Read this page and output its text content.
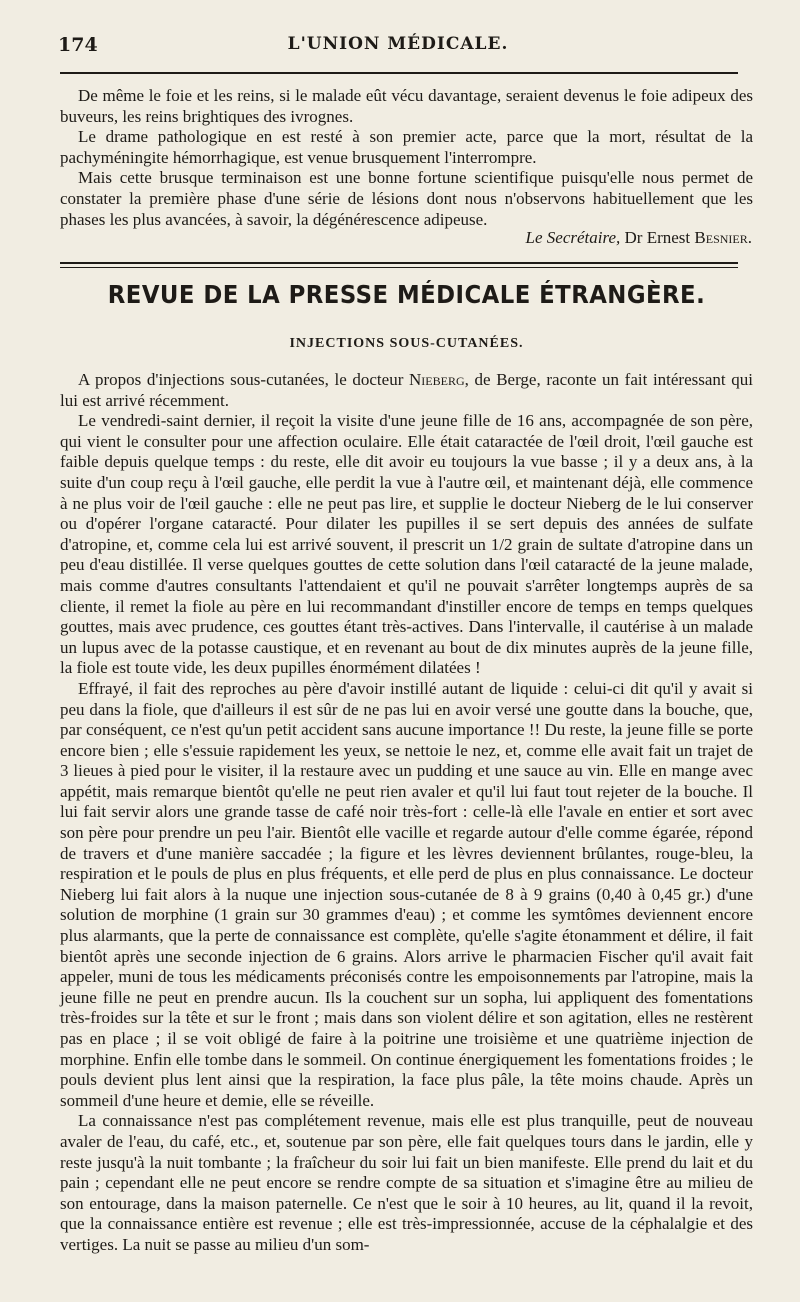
174	L'UNION MÉDICALE.

De même le foie et les reins, si le malade eût vécu davantage, seraient devenus le foie adipeux des buveurs, les reins brightiques des ivrognes.

Le drame pathologique en est resté à son premier acte, parce que la mort, résultat de la pachyméningite hémorrhagique, est venue brusquement l'interrompre.

Mais cette brusque terminaison est une bonne fortune scientifique puisqu'elle nous permet de constater la première phase d'une série de lésions dont nous n'observons habituellement que les phases les plus avancées, à savoir, la dégénérescence adipeuse.

Le Secrétaire, Dr Ernest Besnier.
REVUE DE LA PRESSE MÉDICALE ÉTRANGÈRE.
INJECTIONS SOUS-CUTANÉES.

A propos d'injections sous-cutanées, le docteur Nieberg, de Berge, raconte un fait intéressant qui lui est arrivé récemment.

Le vendredi-saint dernier, il reçoit la visite d'une jeune fille de 16 ans, accompagnée de son père, qui vient le consulter pour une affection oculaire. Elle était cataractée de l'œil droit, l'œil gauche est faible depuis quelque temps : du reste, elle dit avoir eu toujours la vue basse ; il y a deux ans, à la suite d'un coup reçu à l'œil gauche, elle perdit la vue à l'autre œil, et maintenant déjà, elle commence à ne plus voir de l'œil gauche : elle ne peut pas lire, et supplie le docteur Nieberg de le lui conserver ou d'opérer l'organe cataracté. Pour dilater les pupilles il se sert depuis des années de sulfate d'atropine, et, comme cela lui est arrivé souvent, il prescrit un 1/2 grain de sultate d'atropine dans un peu d'eau distillée. Il verse quelques gouttes de cette solution dans l'œil cataracté de la jeune malade, mais comme d'autres consultants l'attendaient et qu'il ne pouvait s'arrêter longtemps auprès de sa cliente, il remet la fiole au père en lui recommandant d'instiller encore de temps en temps quelques gouttes, mais avec prudence, ces gouttes étant très-actives. Dans l'intervalle, il cautérise à un malade un lupus avec de la potasse caustique, et en revenant au bout de dix minutes auprès de la jeune fille, la fiole est toute vide, les deux pupilles énormément dilatées !

Effrayé, il fait des reproches au père d'avoir instillé autant de liquide : celui-ci dit qu'il y avait si peu dans la fiole, que d'ailleurs il est sûr de ne pas lui en avoir versé une goutte dans la bouche, que, par conséquent, ce n'est qu'un petit accident sans aucune importance !! Du reste, la jeune fille se porte encore bien ; elle s'essuie rapidement les yeux, se nettoie le nez, et, comme elle avait fait un trajet de 3 lieues à pied pour le visiter, il la restaure avec un pudding et une sauce au vin. Elle en mange avec appétit, mais remarque bientôt qu'elle ne peut rien avaler et qu'il lui faut tout rejeter de la bouche. Il lui fait servir alors une grande tasse de café noir très-fort : celle-là elle l'avale en entier et sort avec son père pour prendre un peu l'air. Bientôt elle vacille et regarde autour d'elle comme égarée, répond de travers et d'une manière saccadée ; la figure et les lèvres deviennent brûlantes, rouge-bleu, la respiration et le pouls de plus en plus fréquents, et elle perd de plus en plus connaissance. Le docteur Nieberg lui fait alors à la nuque une injection sous-cutanée de 8 à 9 grains (0,40 à 0,45 gr.) d'une solution de morphine (1 grain sur 30 grammes d'eau) ; et comme les symtômes deviennent encore plus alarmants, que la perte de connaissance est complète, qu'elle s'agite étonamment et délire, il fait bientôt après une seconde injection de 6 grains. Alors arrive le pharmacien Fischer qu'il avait fait appeler, muni de tous les médicaments préconisés contre les empoisonnements par l'atropine, mais la jeune fille ne peut en prendre aucun. Ils la couchent sur un sopha, lui appliquent des fomentations très-froides sur la tête et sur le front ; mais dans son violent délire et son agitation, elles ne restèrent pas en place ; il se voit obligé de faire à la poitrine une troisième et une quatrième injection de morphine. Enfin elle tombe dans le sommeil. On continue énergiquement les fomentations froides ; le pouls devient plus lent ainsi que la respiration, la face plus pâle, la tête moins chaude. Après un sommeil d'une heure et demie, elle se réveille.

La connaissance n'est pas complétement revenue, mais elle est plus tranquille, peut de nouveau avaler de l'eau, du café, etc., et, soutenue par son père, elle fait quelques tours dans le jardin, elle y reste jusqu'à la nuit tombante ; la fraîcheur du soir lui fait un bien manifeste. Elle prend du lait et du pain ; cependant elle ne peut encore se rendre compte de sa situation et s'imagine être au milieu de son entourage, dans la maison paternelle. Ce n'est que le soir à 10 heures, au lit, quand il la revoit, que la connaissance entière est revenue ; elle est très-impressionnée, accuse de la céphalalgie et des vertiges. La nuit se passe au milieu d'un som-
